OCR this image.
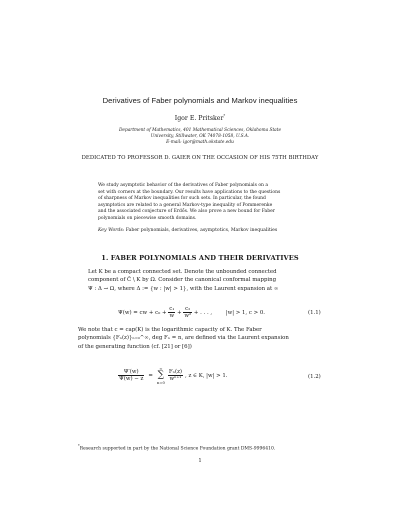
Derivatives of Faber polynomials and Markov inequalities
Igor E. Pritsker*
Department of Mathematics, 401 Mathematical Sciences, Oklahoma State
University, Stillwater, OK 74078-1058, U.S.A.
E-mail: igor@math.okstate.edu
DEDICATED TO PROFESSOR D. GAIER ON THE OCCASION OF HIS 75TH BIRTHDAY
We study asymptotic behavior of the derivatives of Faber polynomials on a
set with corners at the boundary. Our results have applications to the questions
of sharpness of Markov inequalities for such sets. In particular, the found
asymptotics are related to a general Markov-type inequality of Pommerenke
and the associated conjecture of Erdős. We also prove a new bound for Faber
polynomials on piecewise smooth domains.
Key Words: Faber polynomials, derivatives, asymptotics, Markov inequalities
1. FABER POLYNOMIALS AND THEIR DERIVATIVES
Let K be a compact connected set. Denote the unbounded connected
component of C̄ \ K by Ω. Consider the canonical conformal mapping
Ψ : Δ → Ω, where Δ := {w : |w| > 1}, with the Laurent expansion at ∞
Ψ(w) = cw + $c_0 + \frac{\text{c₁}}{w} + \frac{\text{c₂}}{\text{w²}}$ + . . . ,	|w| > 1, c > 0.	(1.1)
We note that c = cap(K) is the logarithmic capacity of K. The Faber
polynomials {Fₙ(z)}ₙ₌₀^∞, deg Fₙ = n, are defined via the Laurent expansion
of the generating function (cf. [21] or [6])
$\frac{\Psi'(w)}{\Psi(w) - z}$ =
∞
∑
n=0
$\frac{\text{Fₙ(z)}}{\text{wⁿ⁺¹}}$ , z ∈ K, |w| > 1.	(1.2)
*Research supported in part by the National Science Foundation grant DMS-9996410.
1
